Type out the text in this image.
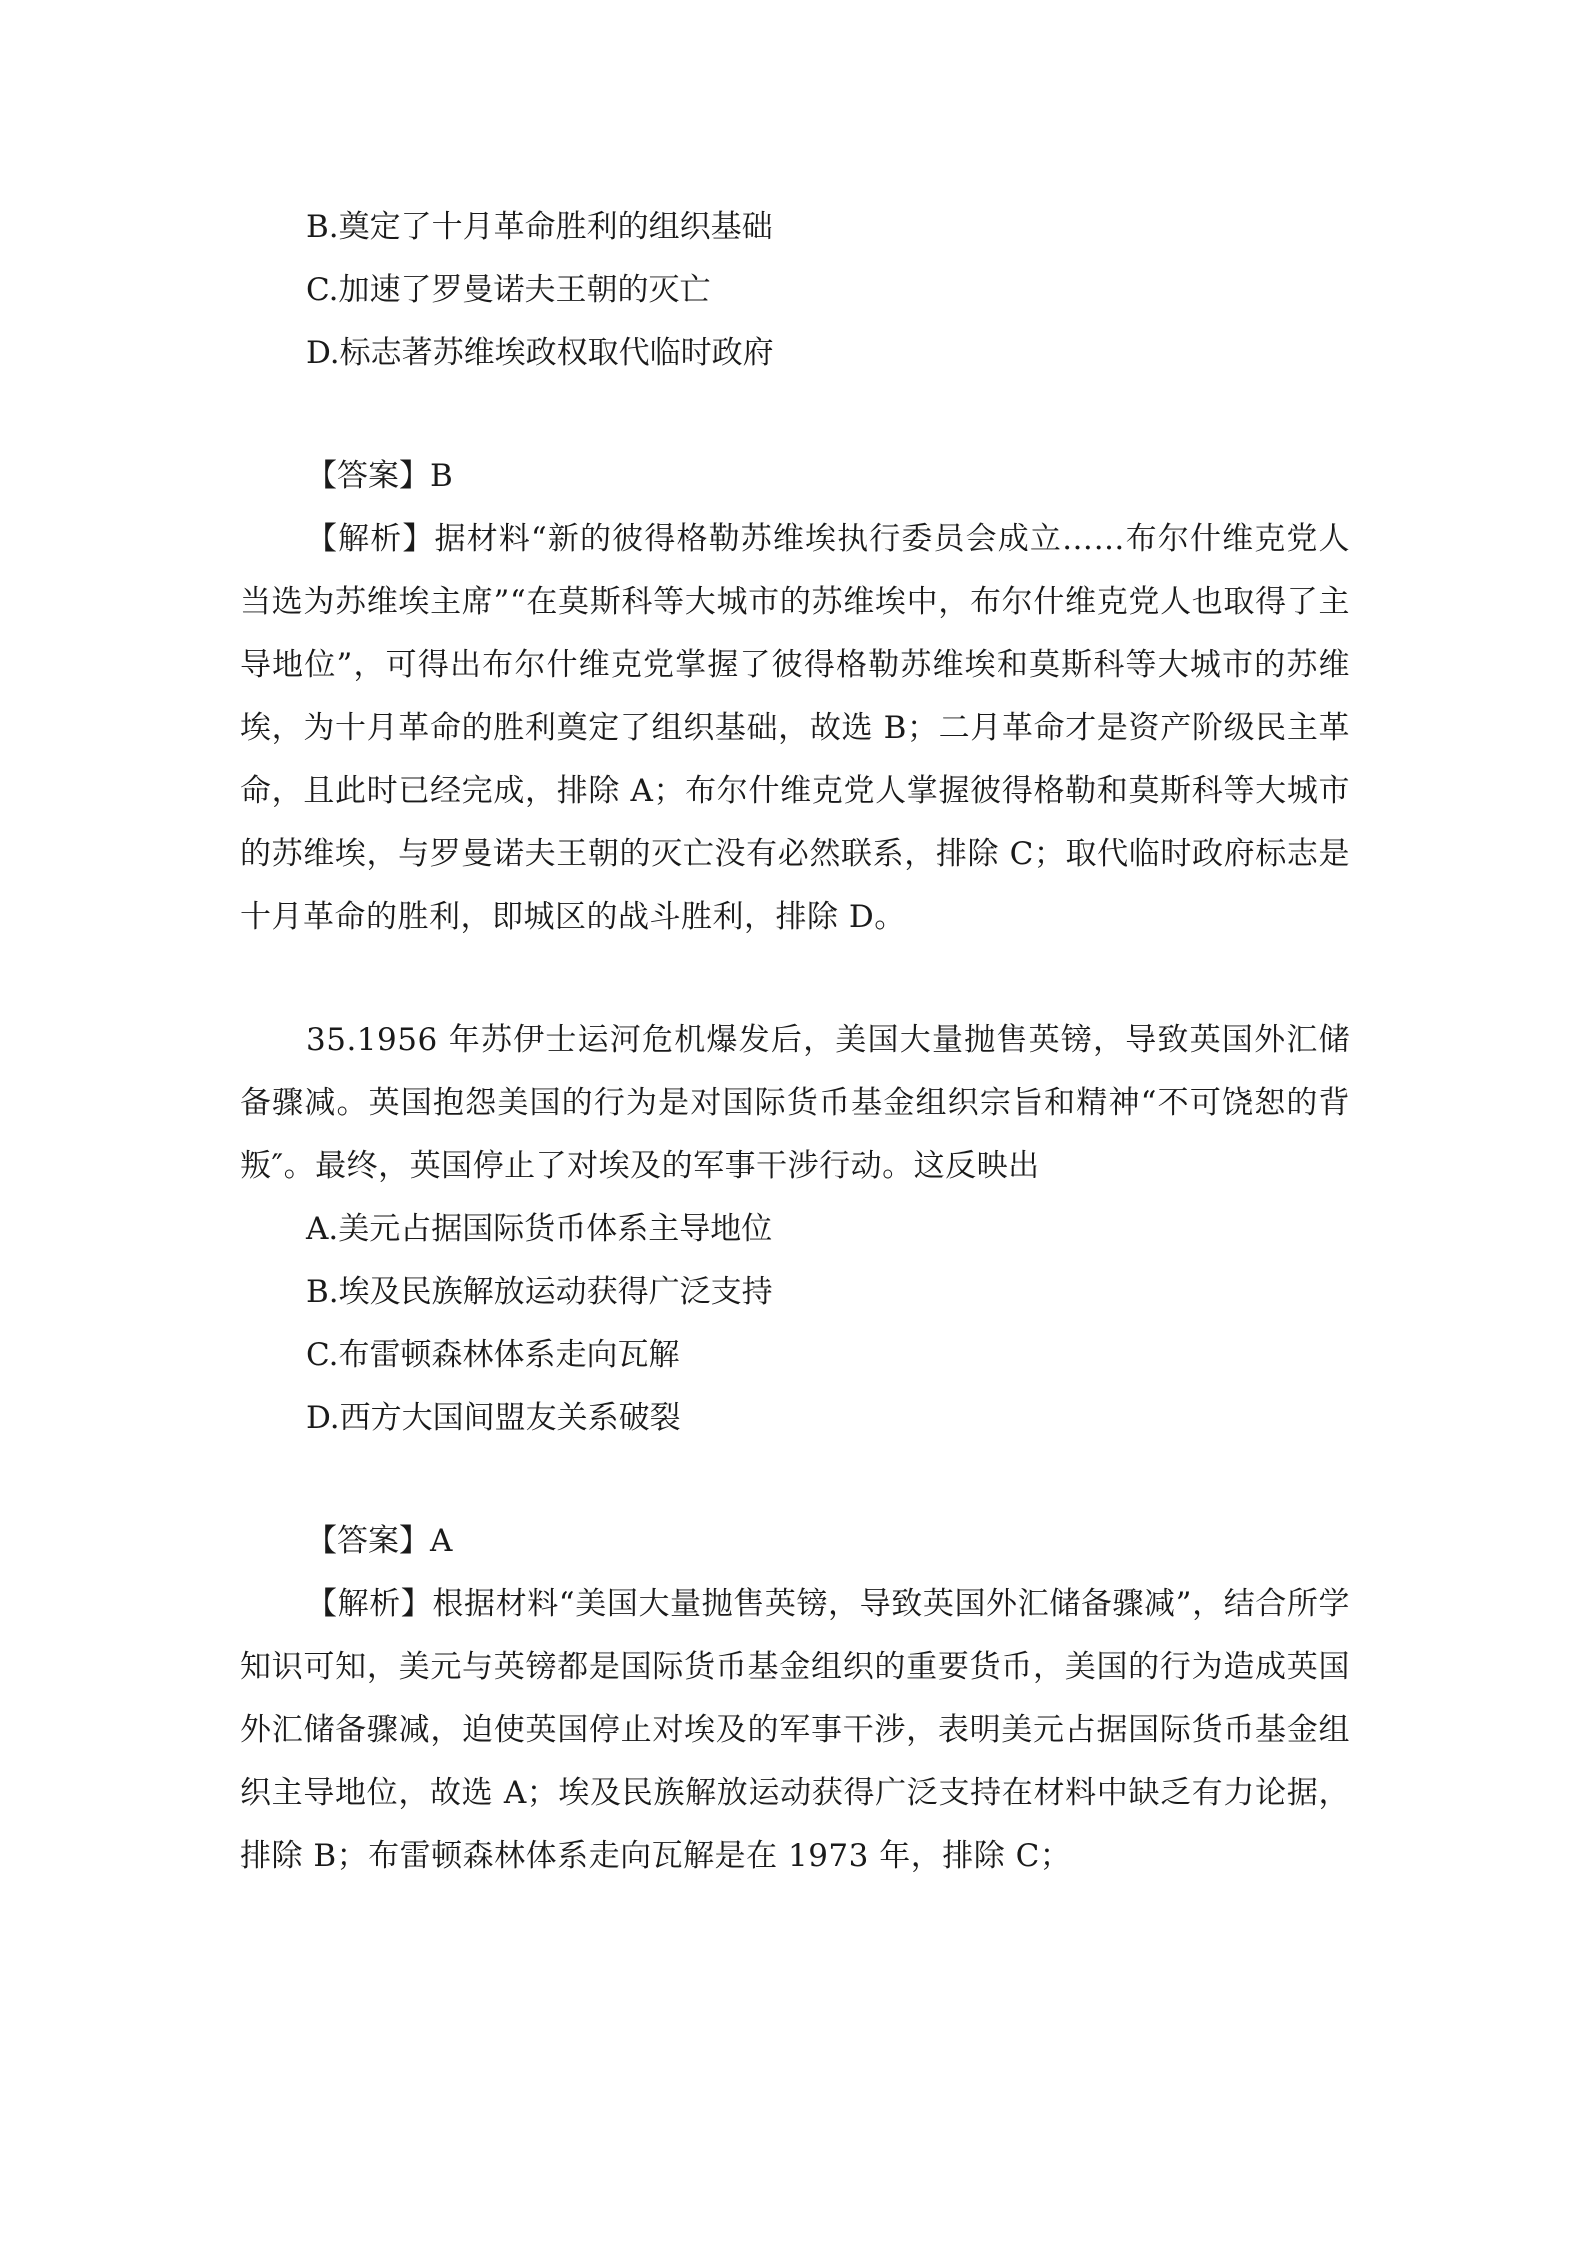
B.奠定了十月革命胜利的组织基础

C.加速了罗曼诺夫王朝的灭亡

D.标志著苏维埃政权取代临时政府

【答案】B

【解析】据材料“新的彼得格勒苏维埃执行委员会成立……布尔什维克党人当选为苏维埃主席”“在莫斯科等大城市的苏维埃中，布尔什维克党人也取得了主导地位”，可得出布尔什维克党掌握了彼得格勒苏维埃和莫斯科等大城市的苏维埃，为十月革命的胜利奠定了组织基础，故选 B；二月革命才是资产阶级民主革命，且此时已经完成，排除 A；布尔什维克党人掌握彼得格勒和莫斯科等大城市的苏维埃，与罗曼诺夫王朝的灭亡没有必然联系，排除 C；取代临时政府标志是十月革命的胜利，即城区的战斗胜利，排除 D。

35.1956 年苏伊士运河危机爆发后，美国大量抛售英镑，导致英国外汇储备骤减。英国抱怨美国的行为是对国际货币基金组织宗旨和精神“不可饶恕的背叛″。最终，英国停止了对埃及的军事干涉行动。这反映出

A.美元占据国际货币体系主导地位

B.埃及民族解放运动获得广泛支持

C.布雷顿森林体系走向瓦解

D.西方大国间盟友关系破裂

【答案】A

【解析】根据材料“美国大量抛售英镑，导致英国外汇储备骤减”，结合所学知识可知，美元与英镑都是国际货币基金组织的重要货币，美国的行为造成英国外汇储备骤减，迫使英国停止对埃及的军事干涉，表明美元占据国际货币基金组织主导地位，故选 A；埃及民族解放运动获得广泛支持在材料中缺乏有力论据，排除 B；布雷顿森林体系走向瓦解是在 1973 年，排除 C；
